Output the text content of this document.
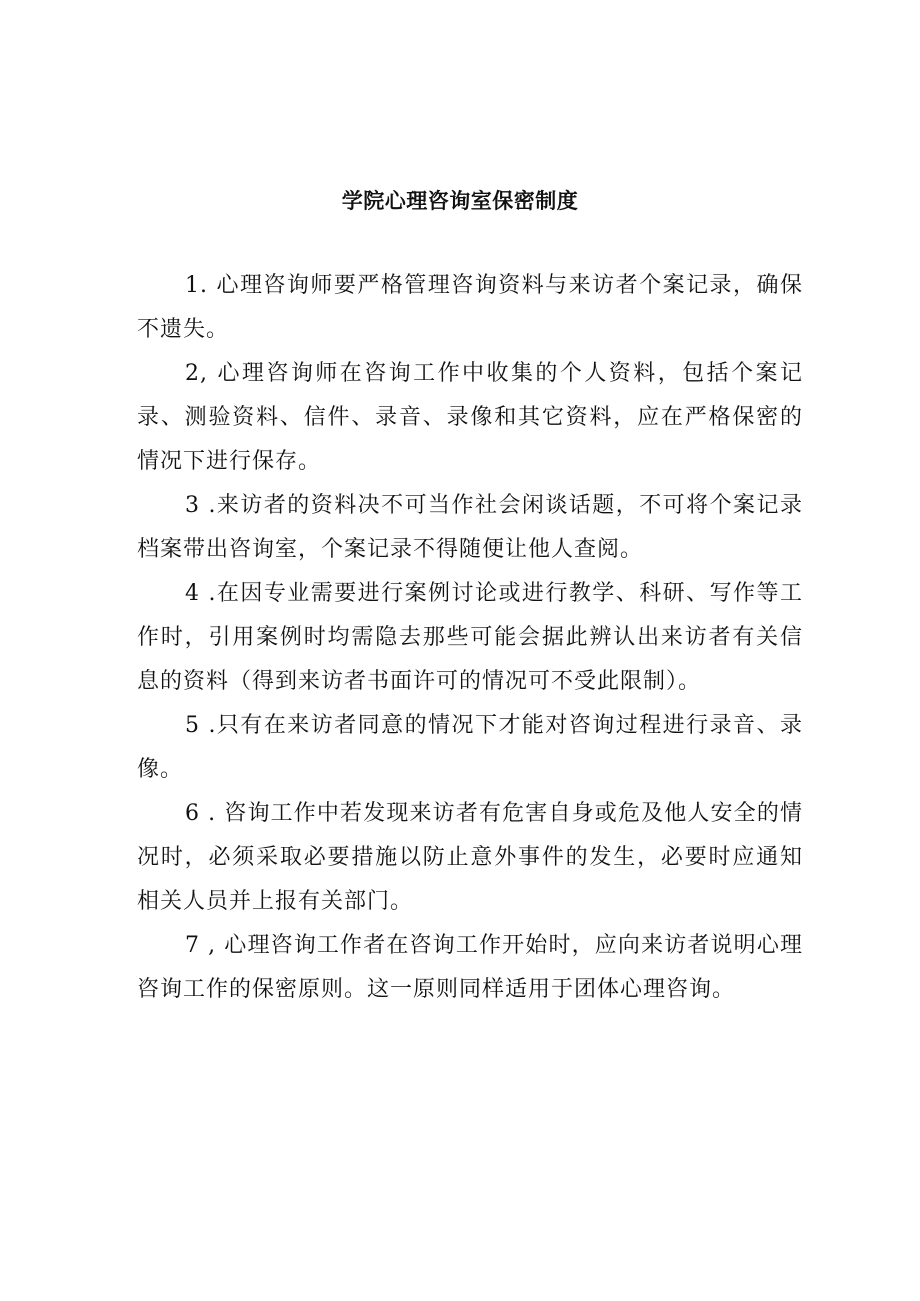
学院心理咨询室保密制度

1. 心理咨询师要严格管理咨询资料与来访者个案记录，确保不遗失。

2, 心理咨询师在咨询工作中收集的个人资料，包括个案记录、测验资料、信件、录音、录像和其它资料，应在严格保密的情况下进行保存。

3 .来访者的资料决不可当作社会闲谈话题，不可将个案记录档案带出咨询室，个案记录不得随便让他人查阅。

4 .在因专业需要进行案例讨论或进行教学、科研、写作等工作时，引用案例时均需隐去那些可能会据此辨认出来访者有关信息的资料（得到来访者书面许可的情况可不受此限制）。

5 .只有在来访者同意的情况下才能对咨询过程进行录音、录像。

6 . 咨询工作中若发现来访者有危害自身或危及他人安全的情况时，必须采取必要措施以防止意外事件的发生，必要时应通知相关人员并上报有关部门。

7 , 心理咨询工作者在咨询工作开始时，应向来访者说明心理咨询工作的保密原则。这一原则同样适用于团体心理咨询。
